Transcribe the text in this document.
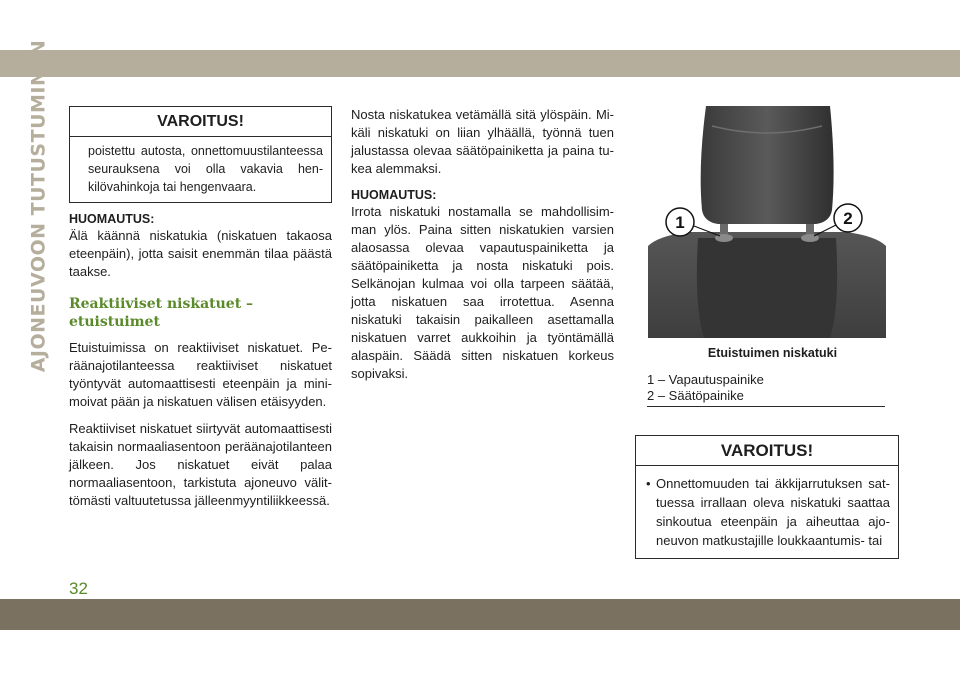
AJONEUVOON TUTUSTUMINEN	VAROITUS!
poistettu autosta, onnettomuustilanteessa seurauksena voi olla vakavia henkilövahinkoja tai hengenvaara.
HUOMAUTUS:

Älä käännä niskatukia (niskatuen takaosa eteenpäin), jotta saisit enemmän tilaa päästä taakse.

Reaktiiviset niskatuet – etuistuimet

Etuistuimissa on reaktiiviset niskatuet. Peräänajotilanteessa reaktiiviset niskatuet työntyvät automaattisesti eteenpäin ja minimoivat pään ja niskatuen välisen etäisyyden.

Reaktiiviset niskatuet siirtyvät automaattisesti takaisin normaaliasentoon peräänajotilanteen jälkeen. Jos niskatuet eivät palaa normaaliasentoon, tarkistuta ajoneuvo välittömästi valtuutetussa jälleenmyyntiliikkeessä.

Nosta niskatukea vetämällä sitä ylöspäin. Mikäli niskatuki on liian ylhäällä, työnnä tuen jalustassa olevaa säätöpainiketta ja paina tukea alemmaksi.

HUOMAUTUS:

Irrota niskatuki nostamalla se mahdollisimman ylös. Paina sitten niskatukien varsien alaosassa olevaa vapautuspainiketta ja säätöpainiketta ja nosta niskatuki pois. Selkänojan kulmaa voi olla tarpeen säätää, jotta niskatuen saa irrotettua. Asenna niskatuki takaisin paikalleen asettamalla niskatuen varret aukkoihin ja työntämällä alaspäin. Säädä sitten niskatuen korkeus sopivaksi.

1	2
Etuistuimen niskatuki
1 – Vapautuspainike
2 – Säätöpainike
VAROITUS!
• Onnettomuuden tai äkkijarrutuksen sattuessa irrallaan oleva niskatuki saattaa sinkoutua eteenpäin ja aiheuttaa ajoneuvon matkustajille loukkaantumis- tai
32
